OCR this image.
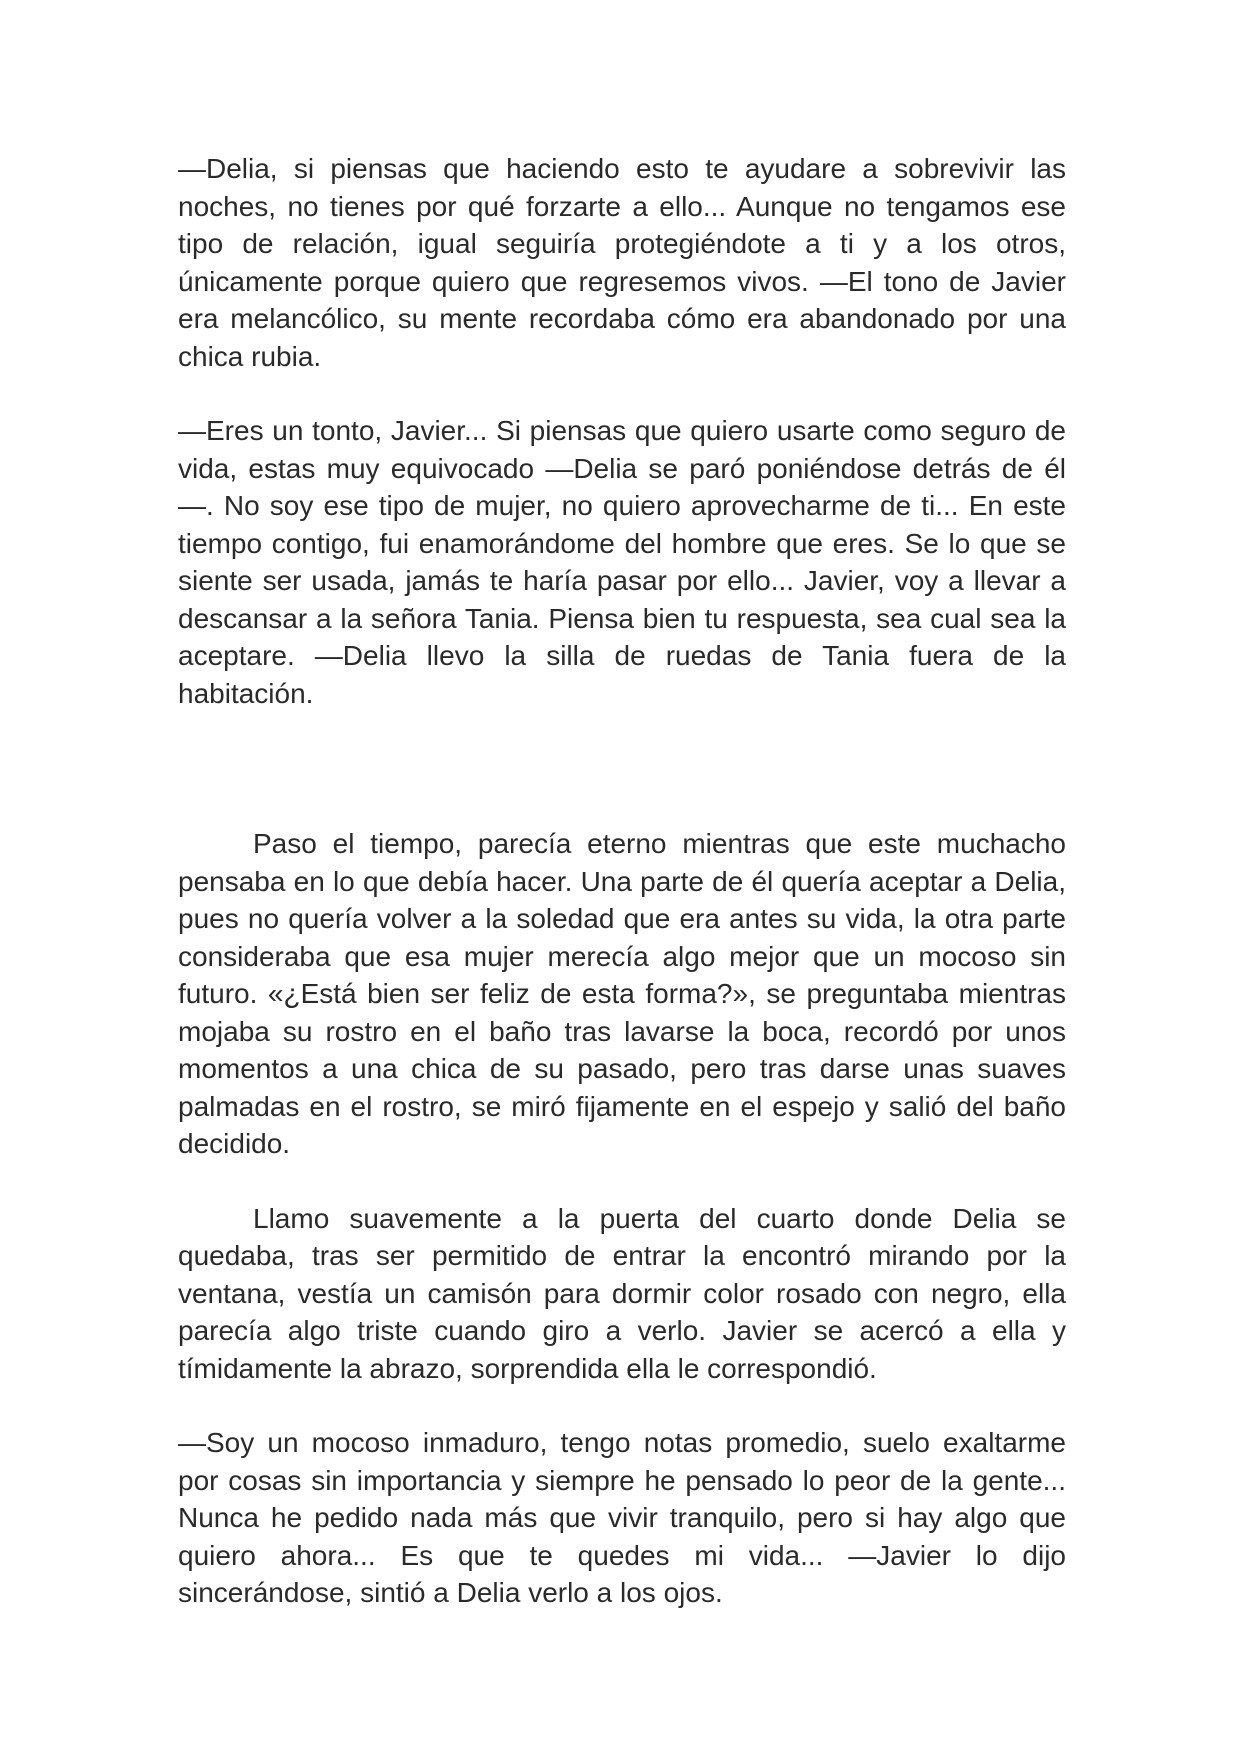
—Delia, si piensas que haciendo esto te ayudare a sobrevivir las noches, no tienes por qué forzarte a ello... Aunque no tengamos ese tipo de relación, igual seguiría protegiéndote a ti y a los otros, únicamente porque quiero que regresemos vivos. —El tono de Javier era melancólico, su mente recordaba cómo era abandonado por una chica rubia.

—Eres un tonto, Javier... Si piensas que quiero usarte como seguro de vida, estas muy equivocado —Delia se paró poniéndose detrás de él—. No soy ese tipo de mujer, no quiero aprovecharme de ti... En este tiempo contigo, fui enamorándome del hombre que eres. Se lo que se siente ser usada, jamás te haría pasar por ello... Javier, voy a llevar a descansar a la señora Tania. Piensa bien tu respuesta, sea cual sea la aceptare. —Delia llevo la silla de ruedas de Tania fuera de la habitación.

Paso el tiempo, parecía eterno mientras que este muchacho pensaba en lo que debía hacer. Una parte de él quería aceptar a Delia, pues no quería volver a la soledad que era antes su vida, la otra parte consideraba que esa mujer merecía algo mejor que un mocoso sin futuro. «¿Está bien ser feliz de esta forma?», se preguntaba mientras mojaba su rostro en el baño tras lavarse la boca, recordó por unos momentos a una chica de su pasado, pero tras darse unas suaves palmadas en el rostro, se miró fijamente en el espejo y salió del baño decidido.

Llamo suavemente a la puerta del cuarto donde Delia se quedaba, tras ser permitido de entrar la encontró mirando por la ventana, vestía un camisón para dormir color rosado con negro, ella parecía algo triste cuando giro a verlo. Javier se acercó a ella y tímidamente la abrazo, sorprendida ella le correspondió.

—Soy un mocoso inmaduro, tengo notas promedio, suelo exaltarme por cosas sin importancia y siempre he pensado lo peor de la gente... Nunca he pedido nada más que vivir tranquilo, pero si hay algo que quiero ahora... Es que te quedes mi vida... —Javier lo dijo sincerándose, sintió a Delia verlo a los ojos.
